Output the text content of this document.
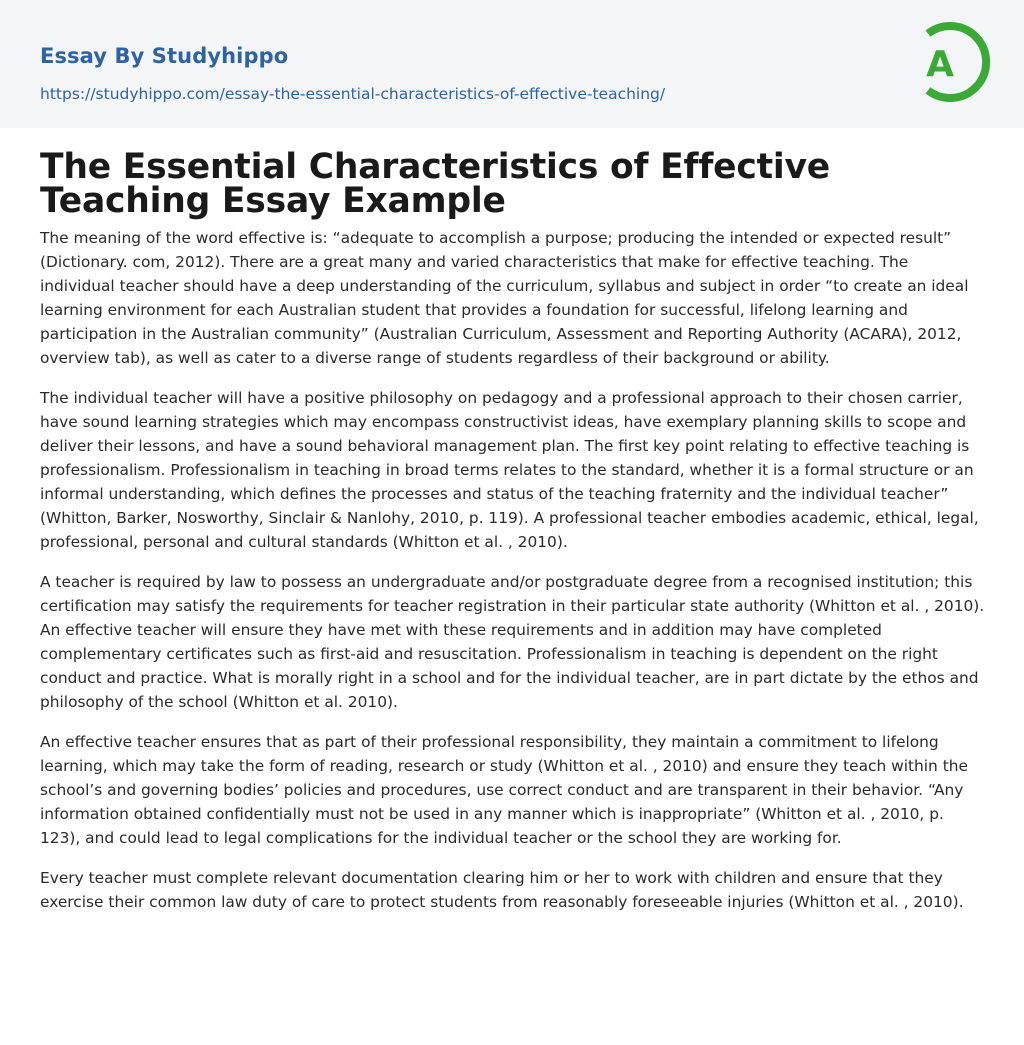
Essay By Studyhippo
https://studyhippo.com/essay-the-essential-characteristics-of-effective-teaching/
A
The Essential Characteristics of Effective Teaching Essay Example

The meaning of the word effective is: “adequate to accomplish a purpose; producing the intended or expected result” (Dictionary. com, 2012). There are a great many and varied characteristics that make for effective teaching. The individual teacher should have a deep understanding of the curriculum, syllabus and subject in order “to create an ideal learning environment for each Australian student that provides a foundation for successful, lifelong learning and participation in the Australian community” (Australian Curriculum, Assessment and Reporting Authority (ACARA), 2012, overview tab), as well as cater to a diverse range of students regardless of their background or ability.

The individual teacher will have a positive philosophy on pedagogy and a professional approach to their chosen carrier, have sound learning strategies which may encompass constructivist ideas, have exemplary planning skills to scope and deliver their lessons, and have a sound behavioral management plan. The first key point relating to effective teaching is professionalism. Professionalism in teaching in broad terms relates to the standard, whether it is a formal structure or an informal understanding, which defines the processes and status of the teaching fraternity and the individual teacher” (Whitton, Barker, Nosworthy, Sinclair & Nanlohy, 2010, p. 119). A professional teacher embodies academic, ethical, legal, professional, personal and cultural standards (Whitton et al. , 2010).

A teacher is required by law to possess an undergraduate and/or postgraduate degree from a recognised institution; this certification may satisfy the requirements for teacher registration in their particular state authority (Whitton et al. , 2010). An effective teacher will ensure they have met with these requirements and in addition may have completed complementary certificates such as first-aid and resuscitation. Professionalism in teaching is dependent on the right conduct and practice. What is morally right in a school and for the individual teacher, are in part dictate by the ethos and philosophy of the school (Whitton et al. 2010).

An effective teacher ensures that as part of their professional responsibility, they maintain a commitment to lifelong learning, which may take the form of reading, research or study (Whitton et al. , 2010) and ensure they teach within the school’s and governing bodies’ policies and procedures, use correct conduct and are transparent in their behavior. “Any information obtained confidentially must not be used in any manner which is inappropriate” (Whitton et al. , 2010, p. 123), and could lead to legal complications for the individual teacher or the school they are working for.

Every teacher must complete relevant documentation clearing him or her to work with children and ensure that they exercise their common law duty of care to protect students from reasonably foreseeable injuries (Whitton et al. , 2010).
